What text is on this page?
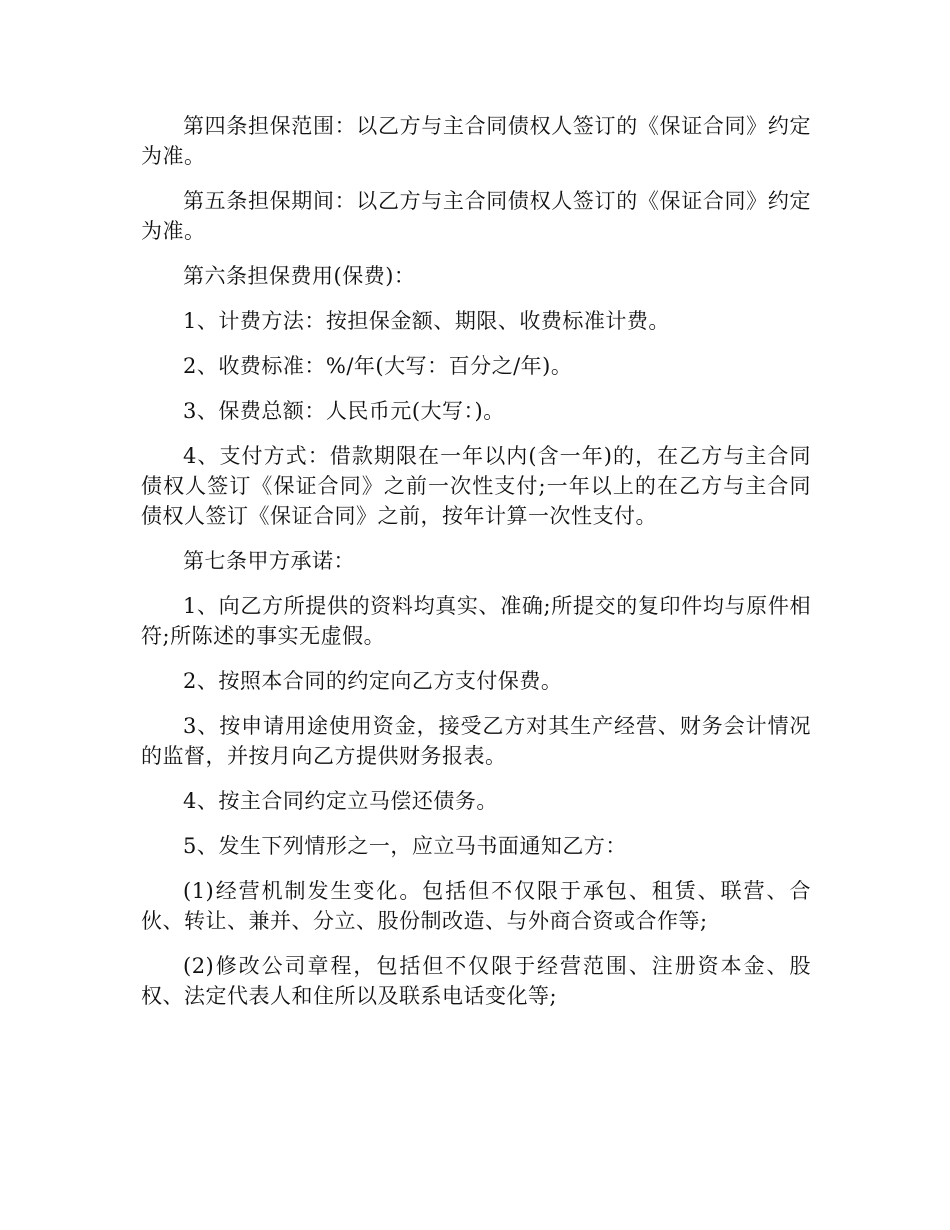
第四条担保范围：以乙方与主合同债权人签订的《保证合同》约定为准。

第五条担保期间：以乙方与主合同债权人签订的《保证合同》约定为准。

第六条担保费用(保费)：

1、计费方法：按担保金额、期限、收费标准计费。

2、收费标准：%/年(大写：百分之/年)。

3、保费总额：人民币元(大写：)。

4、支付方式：借款期限在一年以内(含一年)的，在乙方与主合同债权人签订《保证合同》之前一次性支付;一年以上的在乙方与主合同债权人签订《保证合同》之前，按年计算一次性支付。

第七条甲方承诺：

1、向乙方所提供的资料均真实、准确;所提交的复印件均与原件相符;所陈述的事实无虚假。

2、按照本合同的约定向乙方支付保费。

3、按申请用途使用资金，接受乙方对其生产经营、财务会计情况的监督，并按月向乙方提供财务报表。

4、按主合同约定立马偿还债务。

5、发生下列情形之一，应立马书面通知乙方：

(1)经营机制发生变化。包括但不仅限于承包、租赁、联营、合伙、转让、兼并、分立、股份制改造、与外商合资或合作等;

(2)修改公司章程，包括但不仅限于经营范围、注册资本金、股权、法定代表人和住所以及联系电话变化等;
